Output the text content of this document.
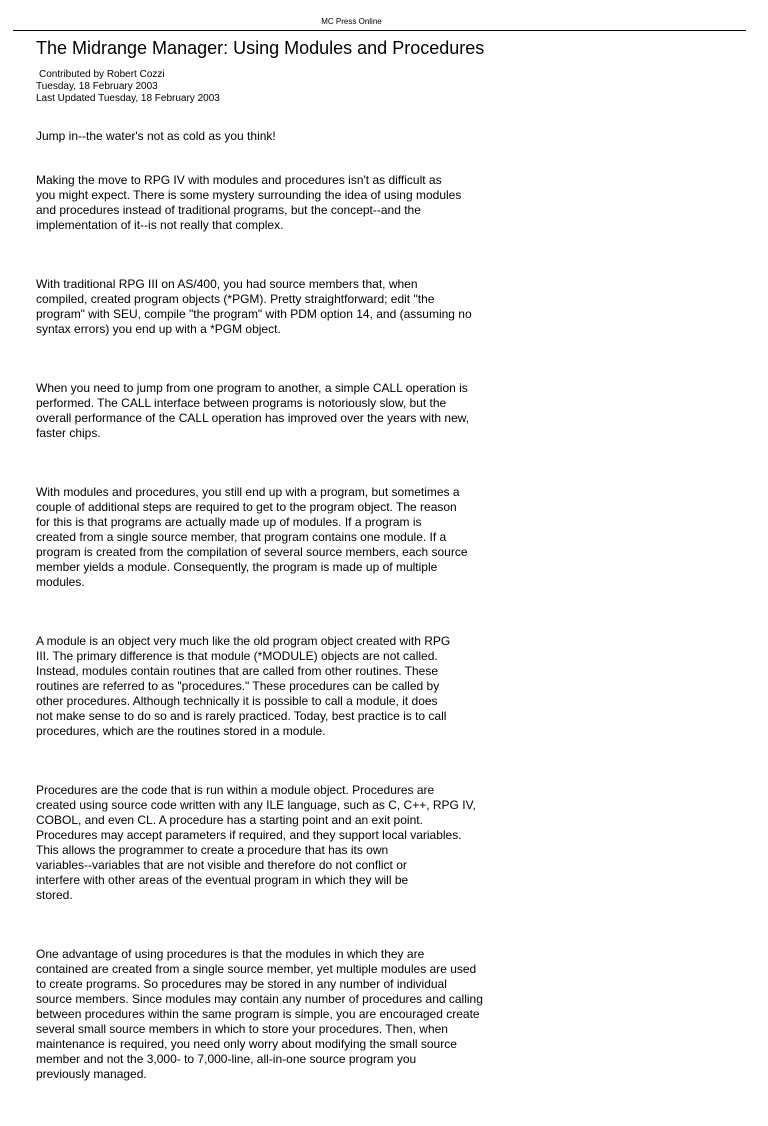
MC Press Online
The Midrange Manager: Using Modules and Procedures
Contributed by Robert Cozzi
Tuesday, 18 February 2003
Last Updated Tuesday, 18 February 2003

Jump in--the water's not as cold as you think!

Making the move to RPG IV with modules and procedures isn't as difficult as
you might expect. There is some mystery surrounding the idea of using modules
and procedures instead of traditional programs, but the concept--and the
implementation of it--is not really that complex.

With traditional RPG III on AS/400, you had source members that, when
compiled, created program objects (*PGM). Pretty straightforward; edit "the
program" with SEU, compile "the program" with PDM option 14, and (assuming no
syntax errors) you end up with a *PGM object.

When you need to jump from one program to another, a simple CALL operation is
performed. The CALL interface between programs is notoriously slow, but the
overall performance of the CALL operation has improved over the years with new,
faster chips.

With modules and procedures, you still end up with a program, but sometimes a
couple of additional steps are required to get to the program object. The reason
for this is that programs are actually made up of modules. If a program is
created from a single source member, that program contains one module. If a
program is created from the compilation of several source members, each source
member yields a module. Consequently, the program is made up of multiple
modules.

A module is an object very much like the old program object created with RPG
III. The primary difference is that module (*MODULE) objects are not called.
Instead, modules contain routines that are called from other routines. These
routines are referred to as "procedures." These procedures can be called by
other procedures. Although technically it is possible to call a module, it does
not make sense to do so and is rarely practiced. Today, best practice is to call
procedures, which are the routines stored in a module.

Procedures are the code that is run within a module object. Procedures are
created using source code written with any ILE language, such as C, C++, RPG IV,
COBOL, and even CL. A procedure has a starting point and an exit point.
Procedures may accept parameters if required, and they support local variables.
This allows the programmer to create a procedure that has its own
variables--variables that are not visible and therefore do not conflict or
interfere with other areas of the eventual program in which they will be
stored.

One advantage of using procedures is that the modules in which they are
contained are created from a single source member, yet multiple modules are used
to create programs. So procedures may be stored in any number of individual
source members. Since modules may contain any number of procedures and calling
between procedures within the same program is simple, you are encouraged create
several small source members in which to store your procedures. Then, when
maintenance is required, you need only worry about modifying the small source
member and not the 3,000- to 7,000-line, all-in-one source program you
previously managed.
